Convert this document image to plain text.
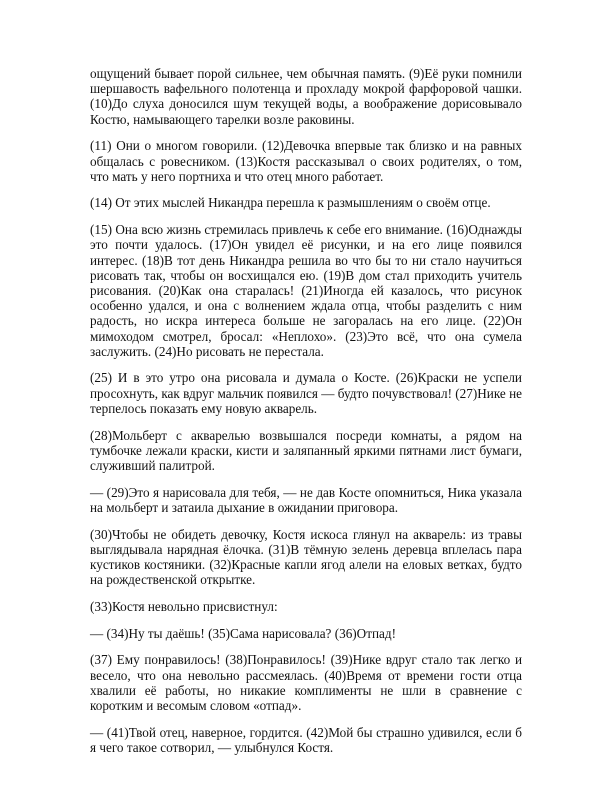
ощущений бывает порой сильнее, чем обычная память. (9)Её руки помнили шершавость вафельного полотенца и прохладу мокрой фарфоровой чашки. (10)До слуха доносился шум текущей воды, а воображение дорисовывало Костю, намывающего тарелки возле раковины.

(11) Они о многом говорили. (12)Девочка впервые так близко и на равных общалась с ровесником. (13)Костя рассказывал о своих родителях, о том, что мать у него портниха и что отец много работает.

(14) От этих мыслей Никандра перешла к размышлениям о своём отце.

(15) Она всю жизнь стремилась привлечь к себе его внимание. (16)Однажды это почти удалось. (17)Он увидел её рисунки, и на его лице появился интерес. (18)В тот день Никандра решила во что бы то ни стало научиться рисовать так, чтобы он восхищался ею. (19)В дом стал приходить учитель рисования. (20)Как она старалась! (21)Иногда ей казалось, что рисунок особенно удался, и она с волнением ждала отца, чтобы разделить с ним радость, но искра интереса больше не загоралась на его лице. (22)Он мимоходом смотрел, бросал: «Неплохо». (23)Это всё, что она сумела заслужить. (24)Но рисовать не перестала.

(25) И в это утро она рисовала и думала о Косте. (26)Краски не успели просохнуть, как вдруг мальчик появился — будто почувствовал! (27)Нике не терпелось показать ему новую акварель.

(28)Мольберт с акварелью возвышался посреди комнаты, а рядом на тумбочке лежали краски, кисти и заляпанный яркими пятнами лист бумаги, служивший палитрой.

— (29)Это я нарисовала для тебя, — не дав Косте опомниться, Ника указала на мольберт и затаила дыхание в ожидании приговора.

(30)Чтобы не обидеть девочку, Костя искоса глянул на акварель: из травы выглядывала нарядная ёлочка. (31)В тёмную зелень деревца вплелась пара кустиков костяники. (32)Красные капли ягод алели на еловых ветках, будто на рождественской открытке.

(33)Костя невольно присвистнул:

— (34)Ну ты даёшь! (35)Сама нарисовала? (36)Отпад!

(37) Ему понравилось! (38)Понравилось! (39)Нике вдруг стало так легко и весело, что она невольно рассмеялась. (40)Время от времени гости отца хвалили её работы, но никакие комплименты не шли в сравнение с коротким и весомым словом «отпад».

— (41)Твой отец, наверное, гордится. (42)Мой бы страшно удивился, если б я чего такое сотворил, — улыбнулся Костя.
